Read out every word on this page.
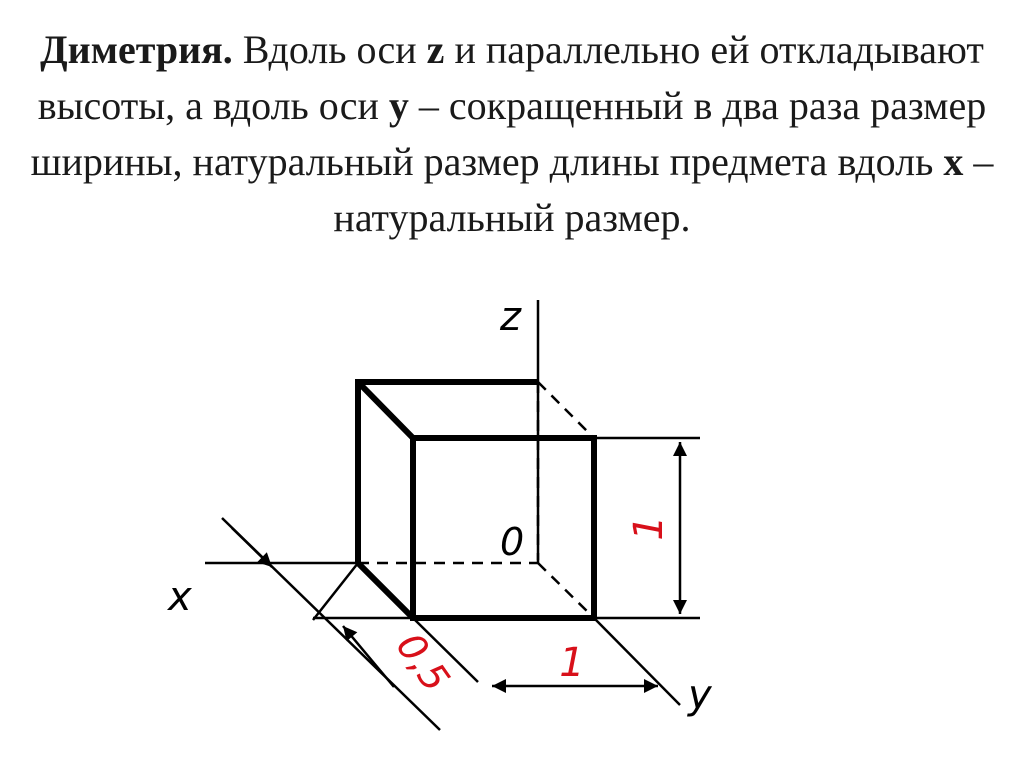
Диметрия. Вдоль оси z и параллельно ей откладывают высоты, а вдоль оси y – сокращенный в два раза размер ширины, натуральный размер длины предмета вдоль x – натуральный размер.
z
x
y
0	1
1
0,5
